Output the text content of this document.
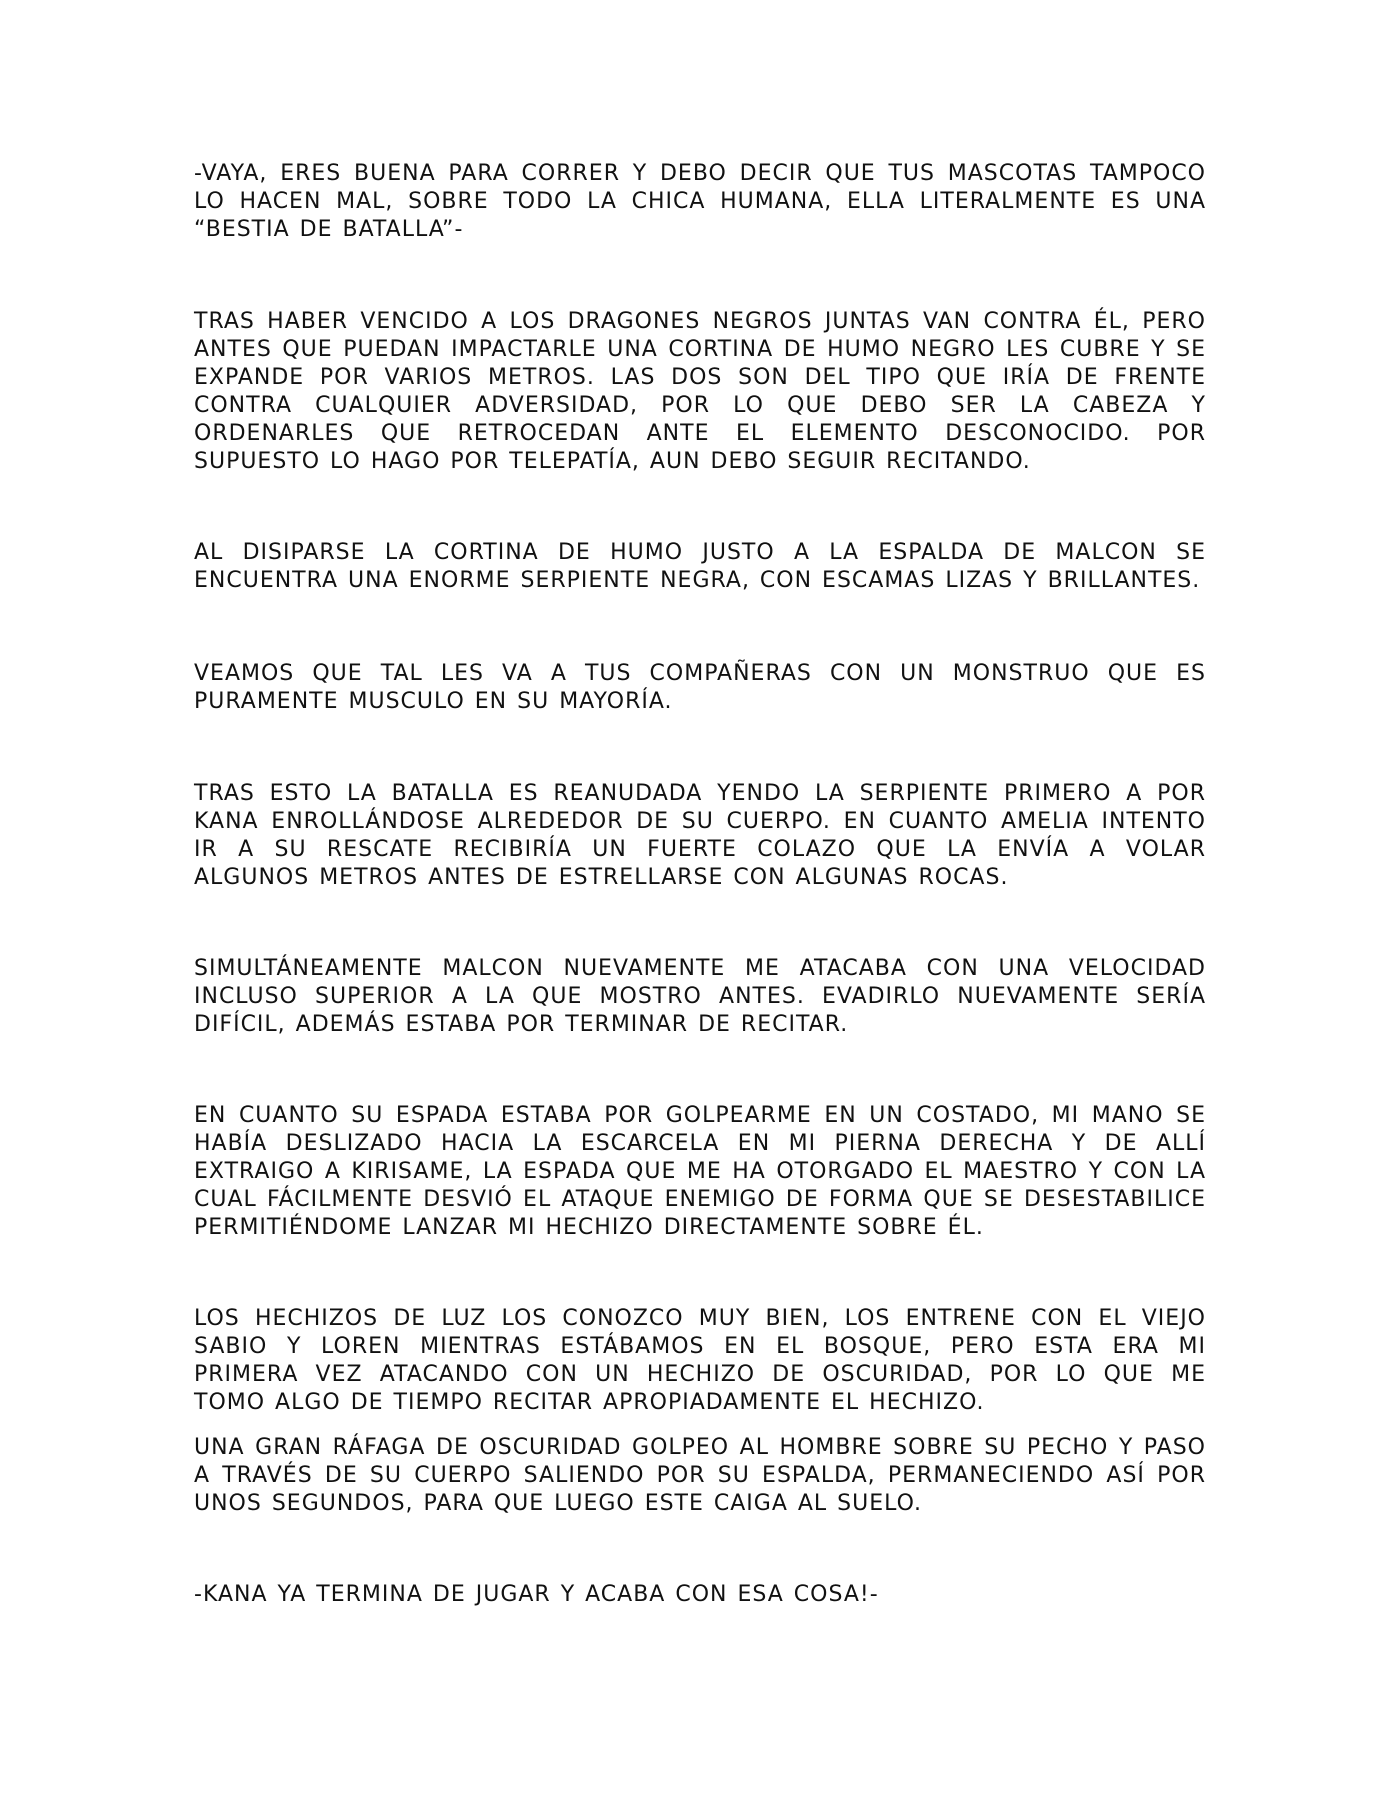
-VAYA, ERES BUENA PARA CORRER Y DEBO DECIR QUE TUS MASCOTAS TAMPOCO LO HACEN MAL, SOBRE TODO LA CHICA HUMANA, ELLA LITERALMENTE ES UNA “BESTIA DE BATALLA”-

TRAS HABER VENCIDO A LOS DRAGONES NEGROS JUNTAS VAN CONTRA ÉL, PERO ANTES QUE PUEDAN IMPACTARLE UNA CORTINA DE HUMO NEGRO LES CUBRE Y SE EXPANDE POR VARIOS METROS. LAS DOS SON DEL TIPO QUE IRÍA DE FRENTE CONTRA CUALQUIER ADVERSIDAD, POR LO QUE DEBO SER LA CABEZA Y ORDENARLES QUE RETROCEDAN ANTE EL ELEMENTO DESCONOCIDO. POR SUPUESTO LO HAGO POR TELEPATÍA, AUN DEBO SEGUIR RECITANDO.

AL DISIPARSE LA CORTINA DE HUMO JUSTO A LA ESPALDA DE MALCON SE ENCUENTRA UNA ENORME SERPIENTE NEGRA, CON ESCAMAS LIZAS Y BRILLANTES.

VEAMOS QUE TAL LES VA A TUS COMPAÑERAS CON UN MONSTRUO QUE ES PURAMENTE MUSCULO EN SU MAYORÍA.

TRAS ESTO LA BATALLA ES REANUDADA YENDO LA SERPIENTE PRIMERO A POR KANA ENROLLÁNDOSE ALREDEDOR DE SU CUERPO. EN CUANTO AMELIA INTENTO IR A SU RESCATE RECIBIRÍA UN FUERTE COLAZO QUE LA ENVÍA A VOLAR ALGUNOS METROS ANTES DE ESTRELLARSE CON ALGUNAS ROCAS.

SIMULTÁNEAMENTE MALCON NUEVAMENTE ME ATACABA CON UNA VELOCIDAD INCLUSO SUPERIOR A LA QUE MOSTRO ANTES. EVADIRLO NUEVAMENTE SERÍA DIFÍCIL, ADEMÁS ESTABA POR TERMINAR DE RECITAR.

EN CUANTO SU ESPADA ESTABA POR GOLPEARME EN UN COSTADO, MI MANO SE HABÍA DESLIZADO HACIA LA ESCARCELA EN MI PIERNA DERECHA Y DE ALLÍ EXTRAIGO A KIRISAME, LA ESPADA QUE ME HA OTORGADO EL MAESTRO Y CON LA CUAL FÁCILMENTE DESVIÓ EL ATAQUE ENEMIGO DE FORMA QUE SE DESESTABILICE PERMITIÉNDOME LANZAR MI HECHIZO DIRECTAMENTE SOBRE ÉL.

LOS HECHIZOS DE LUZ LOS CONOZCO MUY BIEN, LOS ENTRENE CON EL VIEJO SABIO Y LOREN MIENTRAS ESTÁBAMOS EN EL BOSQUE, PERO ESTA ERA MI PRIMERA VEZ ATACANDO CON UN HECHIZO DE OSCURIDAD, POR LO QUE ME TOMO ALGO DE TIEMPO RECITAR APROPIADAMENTE EL HECHIZO.

UNA GRAN RÁFAGA DE OSCURIDAD GOLPEO AL HOMBRE SOBRE SU PECHO Y PASO A TRAVÉS DE SU CUERPO SALIENDO POR SU ESPALDA, PERMANECIENDO ASÍ POR UNOS SEGUNDOS, PARA QUE LUEGO ESTE CAIGA AL SUELO.

-KANA YA TERMINA DE JUGAR Y ACABA CON ESA COSA!-
